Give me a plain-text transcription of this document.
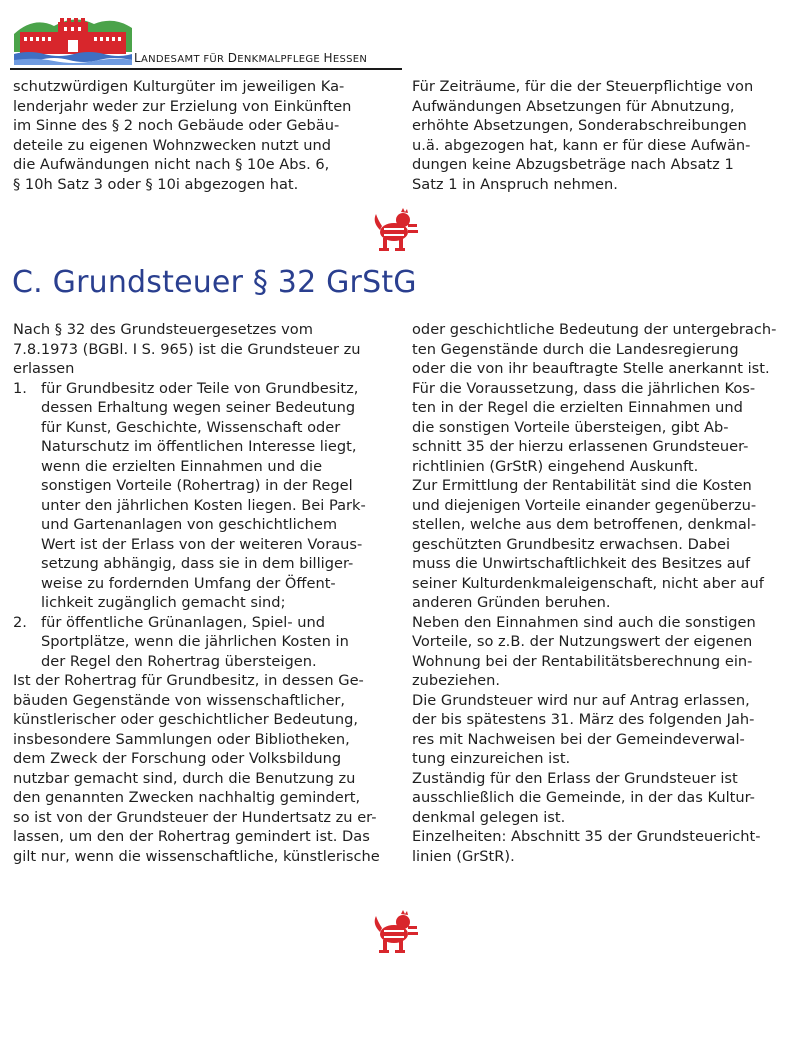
LANDESAMT FÜR DENKMALPFLEGE HESSEN
schutzwürdigen Kulturgüter im jeweiligen Ka-
lenderjahr weder zur Erzielung von Einkünften
im Sinne des § 2 noch Gebäude oder Gebäu-
deteile zu eigenen Wohnzwecken nutzt und
die Aufwändungen nicht nach § 10e Abs. 6,
§ 10h Satz 3 oder § 10i abgezogen hat.
Für Zeiträume, für die der Steuerpflichtige von
Aufwändungen Absetzungen für Abnutzung,
erhöhte Absetzungen, Sonderabschreibungen
u.ä. abgezogen hat, kann er für diese Aufwän-
dungen keine Abzugsbeträge nach Absatz 1
Satz 1 in Anspruch nehmen.
C. Grundsteuer § 32 GrStG
Nach § 32 des Grundsteuergesetzes vom
7.8.1973 (BGBl. I S. 965) ist die Grundsteuer zu
erlassen
1. für Grundbesitz oder Teile von Grundbesitz,
dessen Erhaltung wegen seiner Bedeutung
für Kunst, Geschichte, Wissenschaft oder
Naturschutz im öffentlichen Interesse liegt,
wenn die erzielten Einnahmen und die
sonstigen Vorteile (Rohertrag) in der Regel
unter den jährlichen Kosten liegen. Bei Park-
und Gartenanlagen von geschichtlichem
Wert ist der Erlass von der weiteren Voraus-
setzung abhängig, dass sie in dem billiger-
weise zu fordernden Umfang der Öffent-
lichkeit zugänglich gemacht sind;
2. für öffentliche Grünanlagen, Spiel- und
Sportplätze, wenn die jährlichen Kosten in
der Regel den Rohertrag übersteigen.
Ist der Rohertrag für Grundbesitz, in dessen Ge-
bäuden Gegenstände von wissenschaftlicher,
künstlerischer oder geschichtlicher Bedeutung,
insbesondere Sammlungen oder Bibliotheken,
dem Zweck der Forschung oder Volksbildung
nutzbar gemacht sind, durch die Benutzung zu
den genannten Zwecken nachhaltig gemindert,
so ist von der Grundsteuer der Hundertsatz zu er-
lassen, um den der Rohertrag gemindert ist. Das
gilt nur, wenn die wissenschaftliche, künstlerische
oder geschichtliche Bedeutung der untergebrach-
ten Gegenstände durch die Landesregierung
oder die von ihr beauftragte Stelle anerkannt ist.
Für die Voraussetzung, dass die jährlichen Kos-
ten in der Regel die erzielten Einnahmen und
die sonstigen Vorteile übersteigen, gibt Ab-
schnitt 35 der hierzu erlassenen Grundsteuer-
richtlinien (GrStR) eingehend Auskunft.
Zur Ermittlung der Rentabilität sind die Kosten
und diejenigen Vorteile einander gegenüberzu-
stellen, welche aus dem betroffenen, denkmal-
geschützten Grundbesitz erwachsen. Dabei
muss die Unwirtschaftlichkeit des Besitzes auf
seiner Kulturdenkmaleigenschaft, nicht aber auf
anderen Gründen beruhen.
Neben den Einnahmen sind auch die sonstigen
Vorteile, so z.B. der Nutzungswert der eigenen
Wohnung bei der Rentabilitätsberechnung ein-
zubeziehen.
Die Grundsteuer wird nur auf Antrag erlassen,
der bis spätestens 31. März des folgenden Jah-
res mit Nachweisen bei der Gemeindeverwal-
tung einzureichen ist.
Zuständig für den Erlass der Grundsteuer ist
ausschließlich die Gemeinde, in der das Kultur-
denkmal gelegen ist.
Einzelheiten: Abschnitt 35 der Grundsteuericht-
linien (GrStR).
